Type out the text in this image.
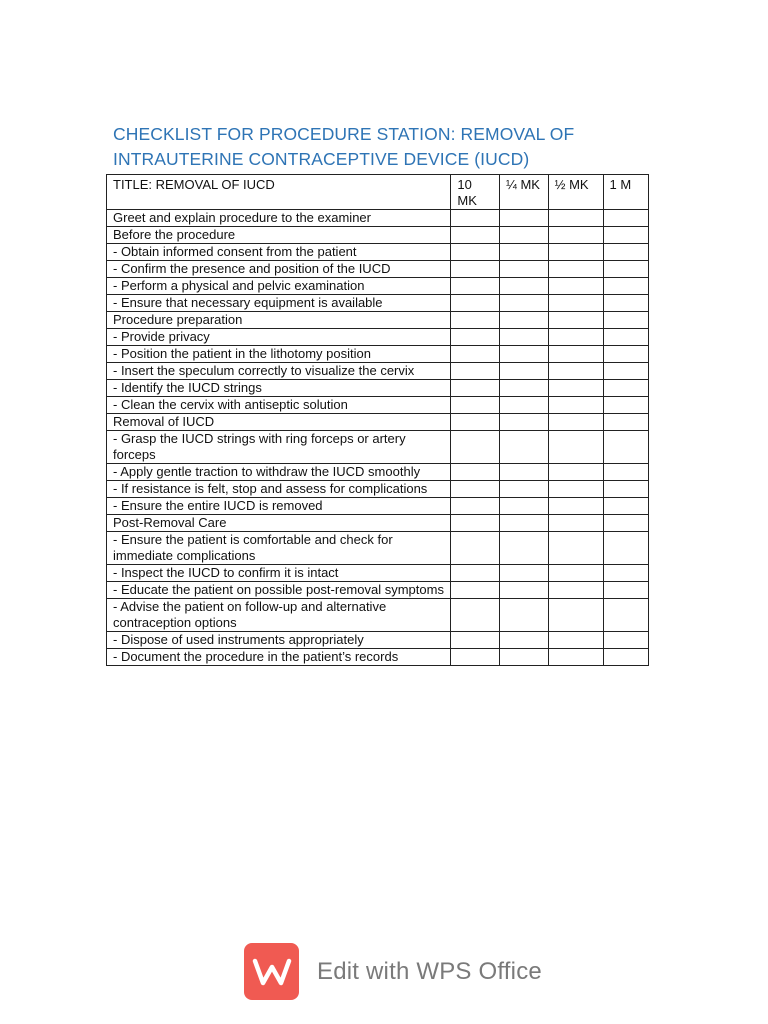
CHECKLIST FOR PROCEDURE STATION: REMOVAL OF
INTRAUTERINE CONTRACEPTIVE DEVICE (IUCD)
TITLE: REMOVAL OF IUCD	10 MK	¼ MK	½ MK	1 M
Greet and explain procedure to the examiner				
Before the procedure				
- Obtain informed consent from the patient				
- Confirm the presence and position of the IUCD				
- Perform a physical and pelvic examination				
- Ensure that necessary equipment is available				
Procedure preparation				
- Provide privacy				
- Position the patient in the lithotomy position				
- Insert the speculum correctly to visualize the cervix				
- Identify the IUCD strings				
- Clean the cervix with antiseptic solution				
Removal of IUCD				
- Grasp the IUCD strings with ring forceps or artery forceps				
- Apply gentle traction to withdraw the IUCD smoothly				
- If resistance is felt, stop and assess for complications				
- Ensure the entire IUCD is removed				
Post-Removal Care				
- Ensure the patient is comfortable and check for immediate complications				
- Inspect the IUCD to confirm it is intact				
- Educate the patient on possible post-removal symptoms				
- Advise the patient on follow-up and alternative contraception options				
- Dispose of used instruments appropriately				
- Document the procedure in the patient’s records				
Edit with WPS Office
